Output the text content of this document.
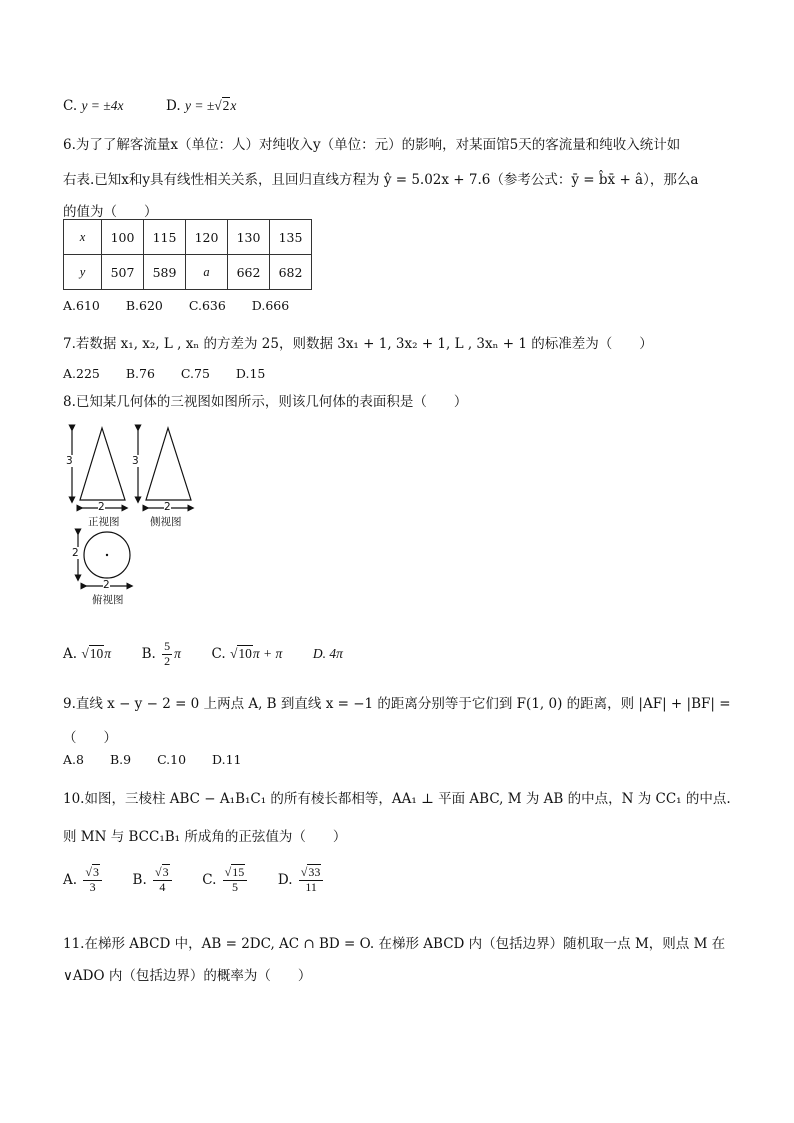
C. y = ±4x	D. y = ±√2x
6.为了了解客流量x（单位：人）对纯收入y（单位：元）的影响，对某面馆5天的客流量和纯收入统计如
右表.已知x和y具有线性相关关系，且回归直线方程为 ŷ = 5.02x + 7.6（参考公式：ȳ = b̂x̄ + â），那么a
的值为（　　）
x	100	115	120	130	135
y	507	589	a	662	682
A.610 B.620 C.636 D.666
7.若数据 x₁, x₂, L , xₙ 的方差为 25，则数据 3x₁ + 1, 3x₂ + 1, L , 3xₙ + 1 的标准差为（　　）
A.225 B.76 C.75 D.15
8.已知某几何体的三视图如图所示，则该几何体的表面积是（　　）
3
2
正视图
3
2
侧视图
2
2
俯视图
A. √10π B. $\frac{5}{2}$ π C. √10π + π D. 4π
9.直线 x − y − 2 = 0 上两点 A, B 到直线 x = −1 的距离分别等于它们到 F(1, 0) 的距离，则 |AF| + |BF| =
（　　）
A.8 B.9 C.10 D.11
10.如图，三棱柱 ABC − A₁B₁C₁ 的所有棱长都相等，AA₁ ⊥ 平面 ABC, M 为 AB 的中点，N 为 CC₁ 的中点.
则 MN 与 BCC₁B₁ 所成角的正弦值为（　　）
A. $\frac{√3}{3} B$. $\frac{√3}{4} C$. $\frac{√15}{5} D$. $\frac{√33}{11}$
11.在梯形 ABCD 中，AB = 2DC, AC ∩ BD = O. 在梯形 ABCD 内（包括边界）随机取一点 M，则点 M 在
∨ADO 内（包括边界）的概率为（　　）
